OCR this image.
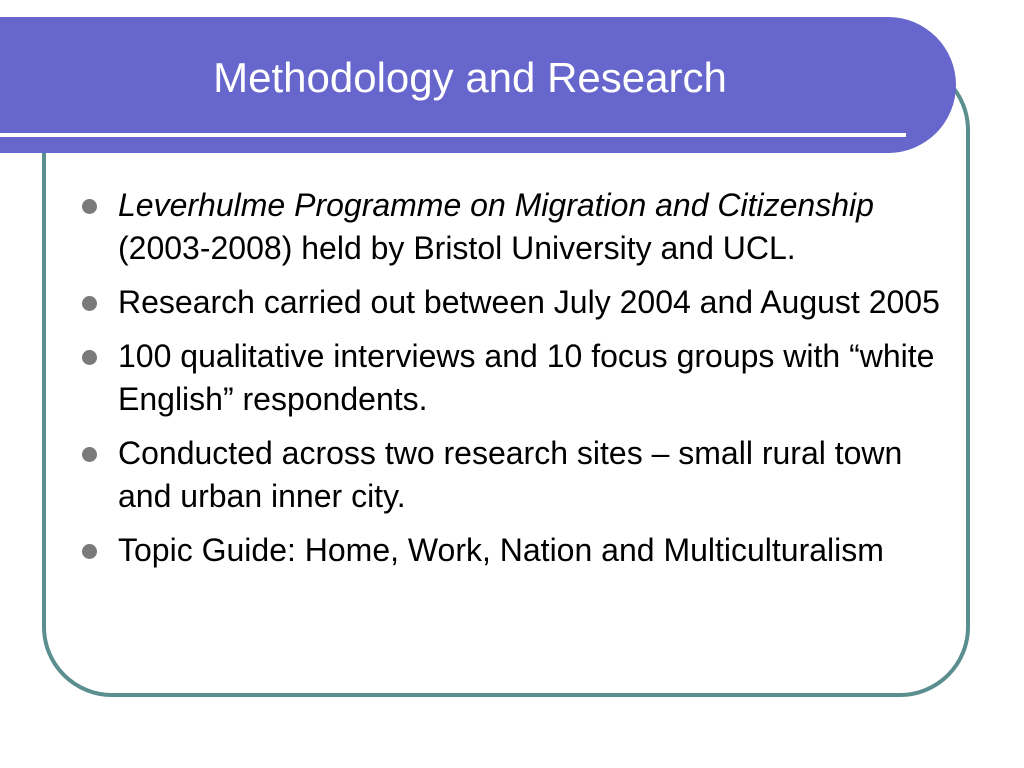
Methodology and Research
Leverhulme Programme on Migration and Citizenship (2003-2008) held by Bristol University and UCL.
Research carried out between July 2004 and August 2005
100 qualitative interviews and 10 focus groups with “white English” respondents.
Conducted across two research sites – small rural town and urban inner city.
Topic Guide: Home, Work, Nation and Multiculturalism
